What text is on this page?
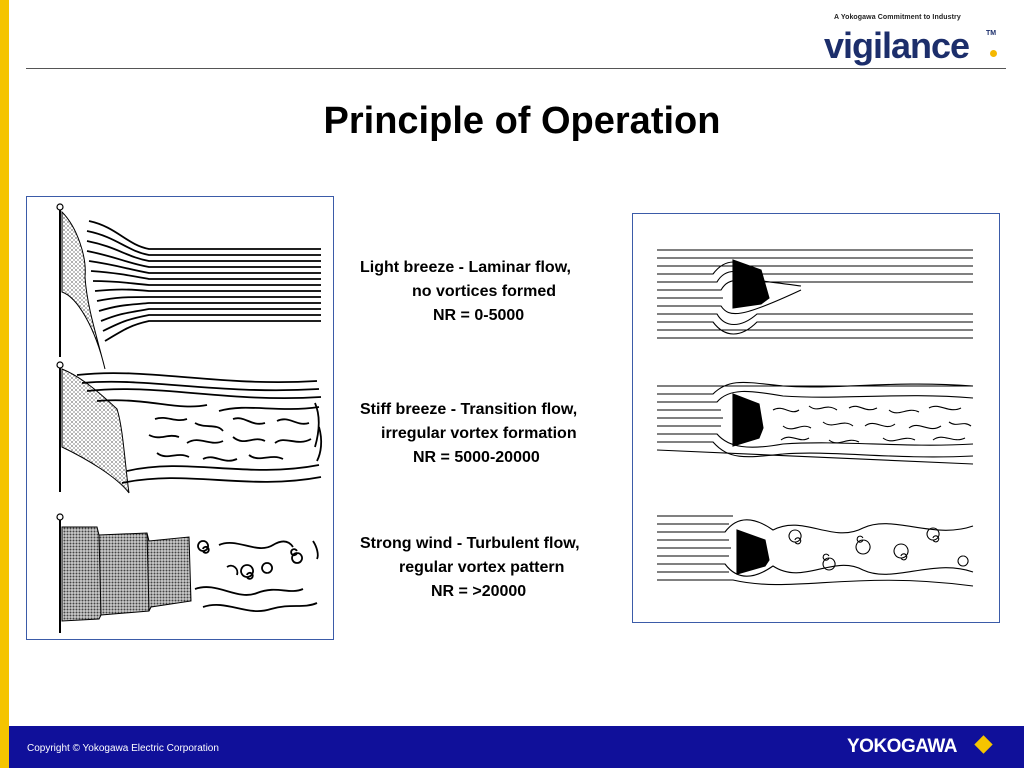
A Yokogawa Commitment to Industry
vigilance TM
Principle of Operation
Light breeze - Laminar flow,
no vortices formed
NR = 0-5000
Stiff breeze - Transition flow,
irregular vortex formation
NR = 5000-20000
Strong wind - Turbulent flow,
regular vortex pattern
NR = >20000
Copyright © Yokogawa Electric Corporation	YOKOGAWA
